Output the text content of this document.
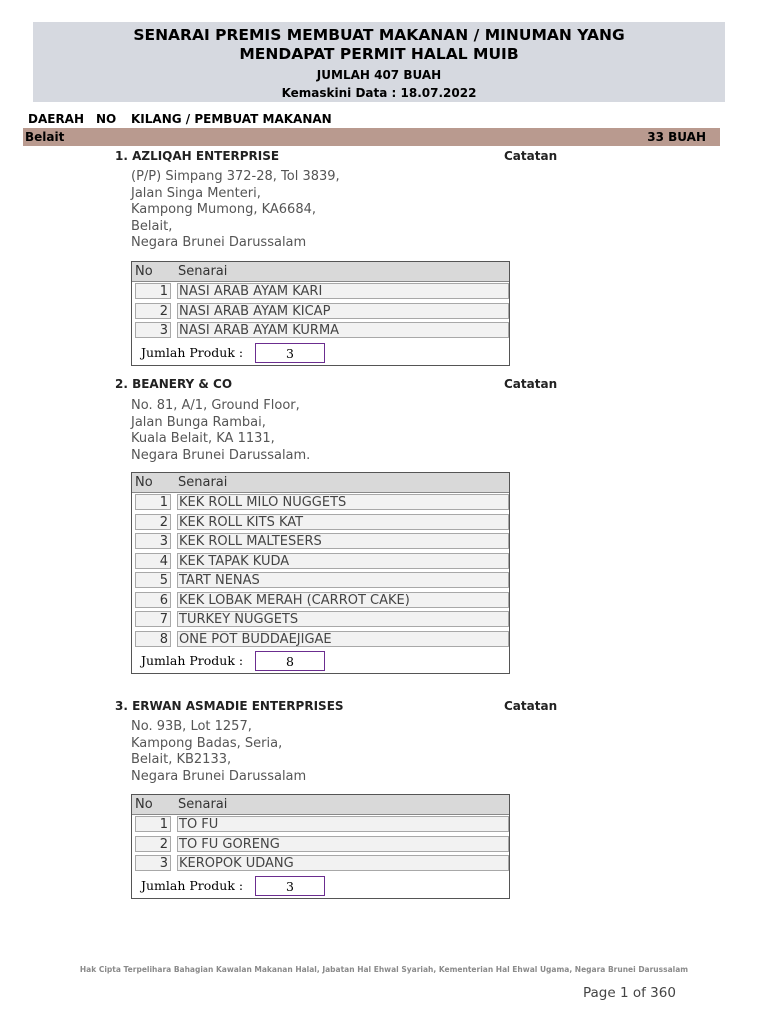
SENARAI PREMIS MEMBUAT MAKANAN / MINUMAN YANG
MENDAPAT PERMIT HALAL MUIB
JUMLAH 407 BUAH
Kemaskini Data : 18.07.2022
DAERAH NO KILANG / PEMBUAT MAKANAN
Belait	33 BUAH
1. AZLIQAH ENTERPRISE	Catatan
(P/P) Simpang 372-28, Tol 3839,
Jalan Singa Menteri,
Kampong Mumong, KA6684,
Belait,
Negara Brunei Darussalam
No Senarai
1 NASI ARAB AYAM KARI
2 NASI ARAB AYAM KICAP
3 NASI ARAB AYAM KURMA
Jumlah Produk :	3
2. BEANERY & CO	Catatan
No. 81, A/1, Ground Floor,
Jalan Bunga Rambai,
Kuala Belait, KA 1131,
Negara Brunei Darussalam.
No Senarai
1 KEK ROLL MILO NUGGETS
2 KEK ROLL KITS KAT
3 KEK ROLL MALTESERS
4 KEK TAPAK KUDA
5 TART NENAS
6 KEK LOBAK MERAH (CARROT CAKE)
7 TURKEY NUGGETS
8 ONE POT BUDDAEJIGAE
Jumlah Produk :	8
3. ERWAN ASMADIE ENTERPRISES	Catatan
No. 93B, Lot 1257,
Kampong Badas, Seria,
Belait, KB2133,
Negara Brunei Darussalam
No Senarai
1 TO FU
2 TO FU GORENG
3 KEROPOK UDANG
Jumlah Produk :	3
Hak Cipta Terpelihara Bahagian Kawalan Makanan Halal, Jabatan Hal Ehwal Syariah, Kementerian Hal Ehwal Ugama, Negara Brunei Darussalam
Page 1 of 360
